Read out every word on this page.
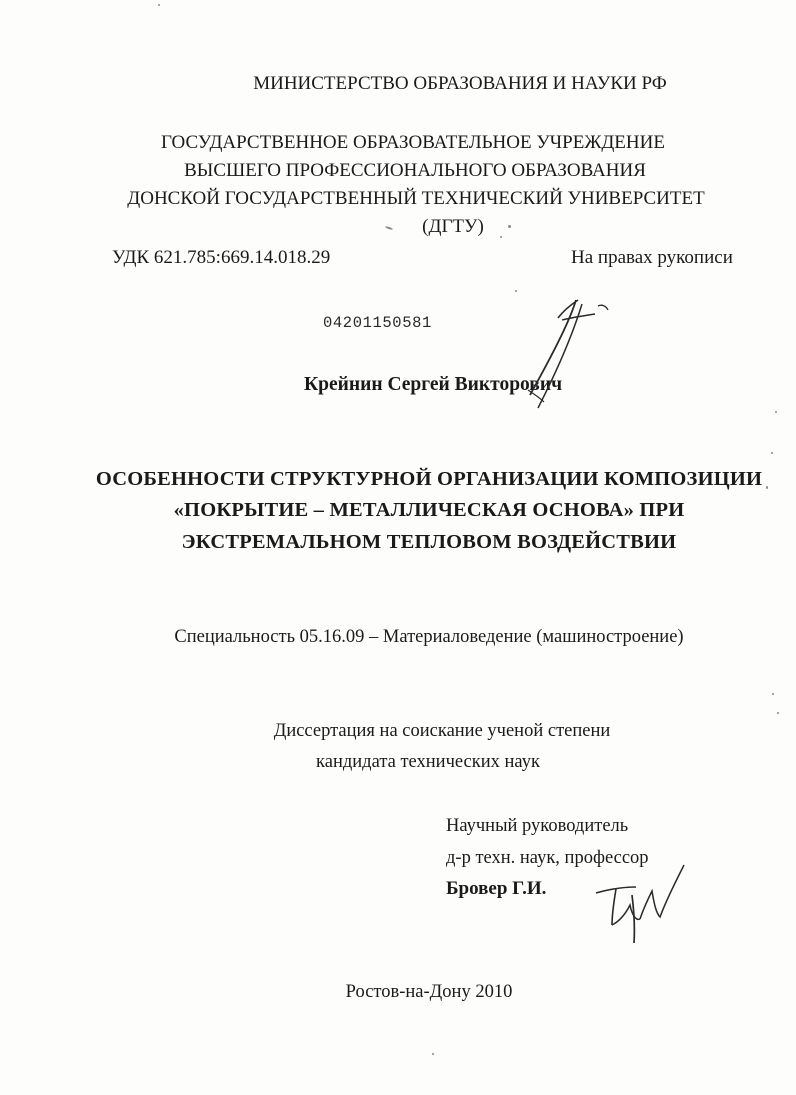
МИНИСТЕРСТВО ОБРАЗОВАНИЯ И НАУКИ РФ
ГОСУДАРСТВЕННОЕ ОБРАЗОВАТЕЛЬНОЕ УЧРЕЖДЕНИЕ
ВЫСШЕГО ПРОФЕССИОНАЛЬНОГО ОБРАЗОВАНИЯ
ДОНСКОЙ ГОСУДАРСТВЕННЫЙ ТЕХНИЧЕСКИЙ УНИВЕРСИТЕТ
(ДГТУ)
УДК 621.785:669.14.018.29	На правах рукописи
04201150581
Крейнин Сергей Викторович
ОСОБЕННОСТИ СТРУКТУРНОЙ ОРГАНИЗАЦИИ КОМПОЗИЦИИ
«ПОКРЫТИЕ – МЕТАЛЛИЧЕСКАЯ ОСНОВА» ПРИ
ЭКСТРЕМАЛЬНОМ ТЕПЛОВОМ ВОЗДЕЙСТВИИ
Специальность 05.16.09 – Материаловедение (машиностроение)
Диссертация на соискание ученой степени
кандидата технических наук
Научный руководитель
д-р техн. наук, профессор
Бровер Г.И.
Ростов-на-Дону 2010
